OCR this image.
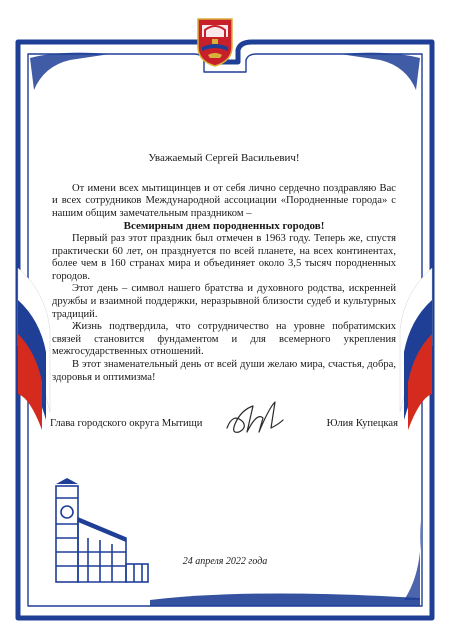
Уважаемый Сергей Васильевич!

От имени всех мытищинцев и от себя лично сердечно поздравляю Вас и всех сотрудников Международной ассоциации «Породненные города» с нашим общим замечательным праздником –

Всемирным днем породненных городов!

Первый раз этот праздник был отмечен в 1963 году. Теперь же, спустя практически 60 лет, он празднуется по всей планете, на всех континентах, более чем в 160 странах мира и объединяет около 3,5 тысяч породненных городов.

Этот день – символ нашего братства и духовного родства, искренней дружбы и взаимной поддержки, неразрывной близости судеб и культурных традиций.

Жизнь подтвердила, что сотрудничество на уровне побратимских связей становится фундаментом и для всемерного укрепления межгосударственных отношений.

В этот знаменательный день от всей души желаю мира, счастья, добра, здоровья и оптимизма!

Глава городского округа Мытищи	Юлия Купецкая
24 апреля 2022 года
